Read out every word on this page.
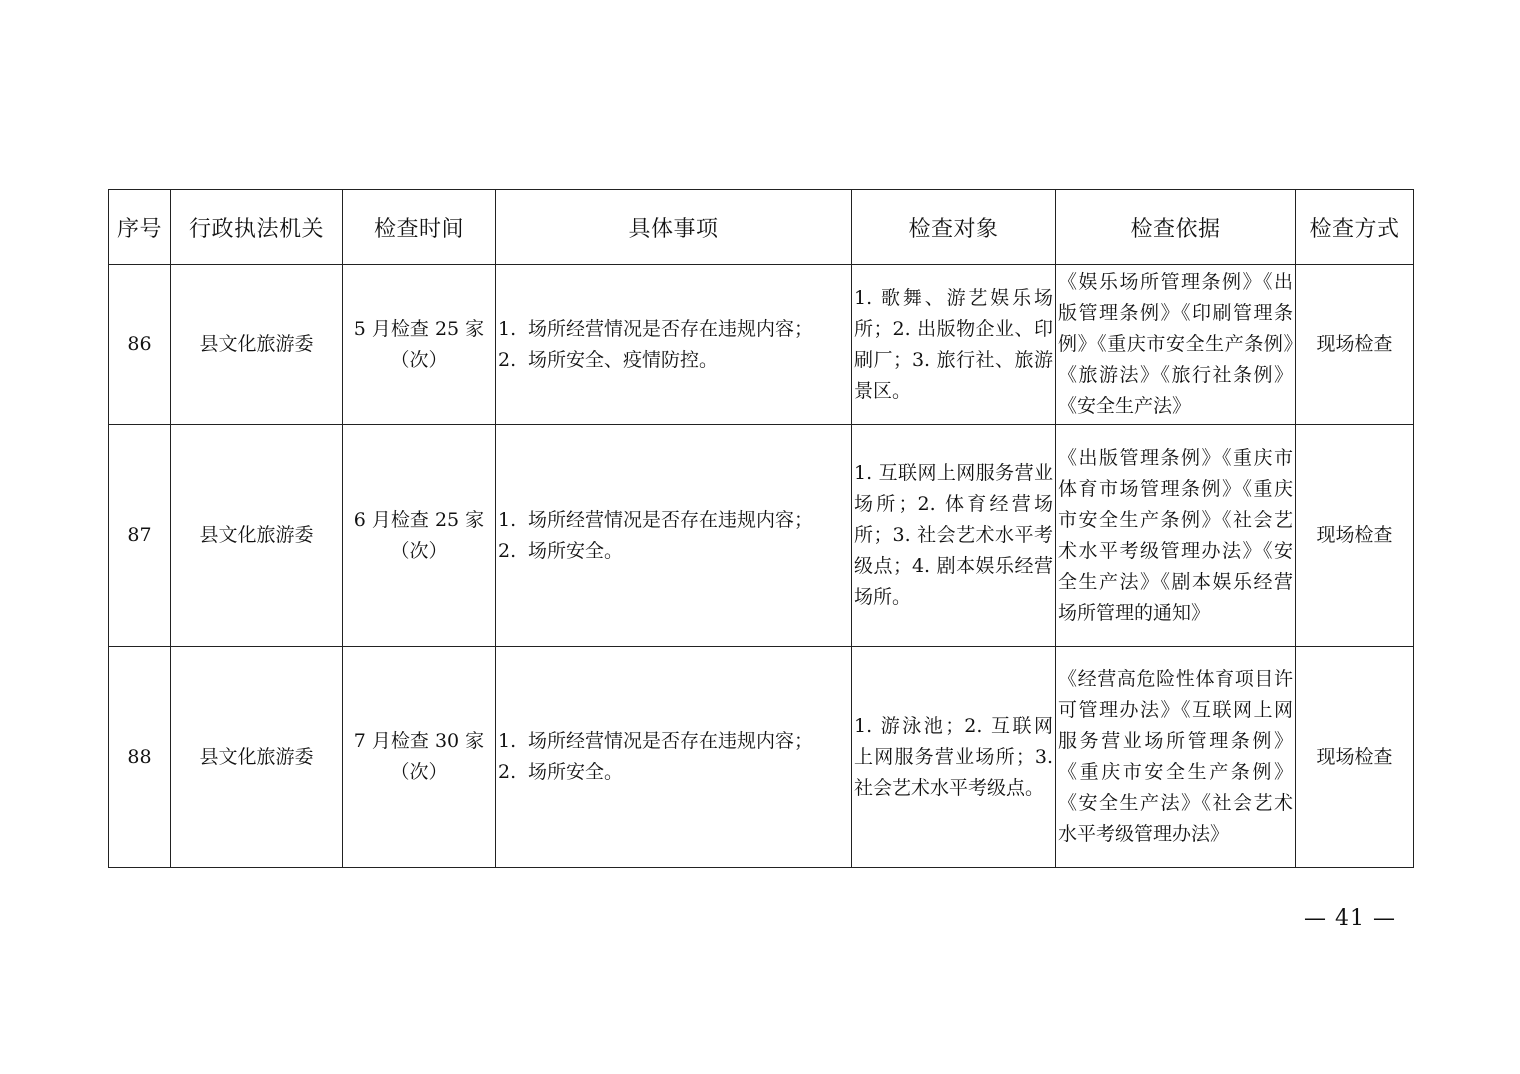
序号	行政执法机关	检查时间	具体事项	检查对象	检查依据	检查方式
86	县文化旅游委	5 月检查 25 家（次）	1. 场所经营情况是否存在违规内容；
2. 场所安全、疫情防控。	1. 歌舞、游艺娱乐场所；2. 出版物企业、印刷厂；3. 旅行社、旅游景区。	《娱乐场所管理条例》《出版管理条例》《印刷管理条例》《重庆市安全生产条例》《旅游法》《旅行社条例》《安全生产法》	现场检查
87	县文化旅游委	6 月检查 25 家（次）	1. 场所经营情况是否存在违规内容；
2. 场所安全。	1. 互联网上网服务营业场所；2. 体育经营场所；3. 社会艺术水平考级点；4. 剧本娱乐经营场所。	《出版管理条例》《重庆市体育市场管理条例》《重庆市安全生产条例》《社会艺术水平考级管理办法》《安全生产法》《剧本娱乐经营场所管理的通知》	现场检查
88	县文化旅游委	7 月检查 30 家（次）	1. 场所经营情况是否存在违规内容；
2. 场所安全。	1. 游泳池；2. 互联网上网服务营业场所；3. 社会艺术水平考级点。	《经营高危险性体育项目许可管理办法》《互联网上网服务营业场所管理条例》《重庆市安全生产条例》《安全生产法》《社会艺术水平考级管理办法》	现场检查
— 41 —
